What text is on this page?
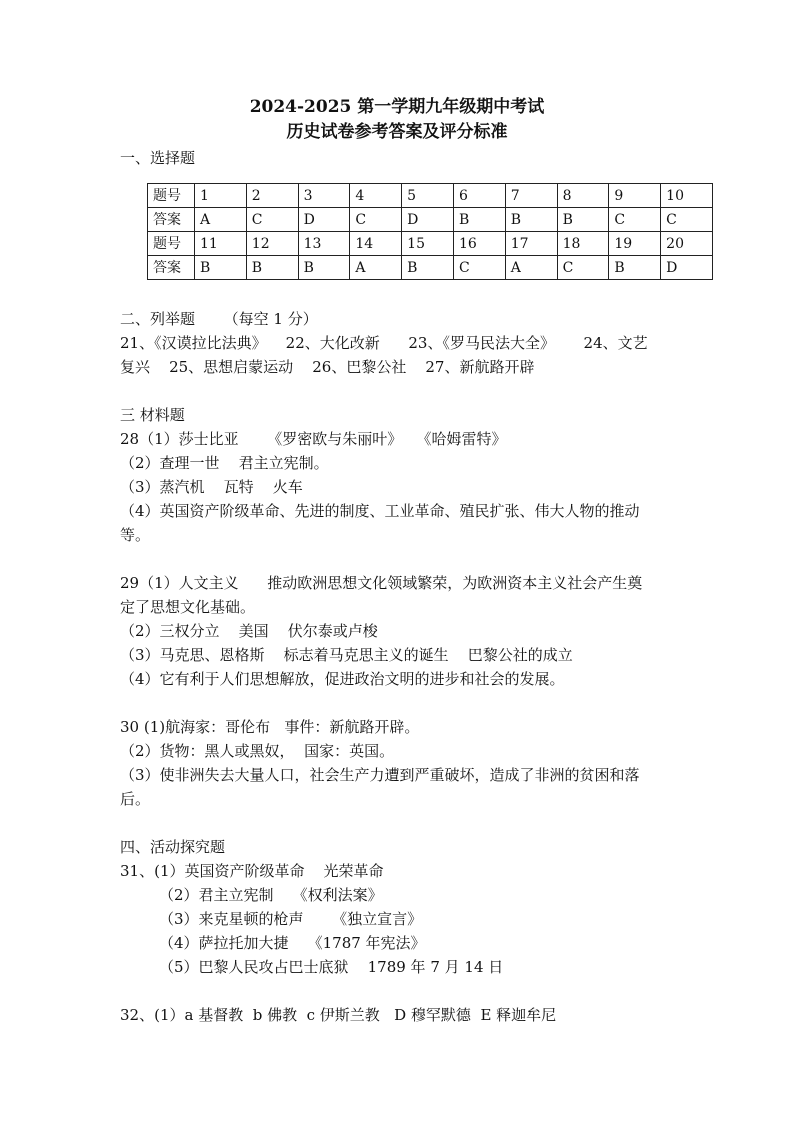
2024-2025 第一学期九年级期中考试
历史试卷参考答案及评分标准
一、选择题
题号	1	2	3	4	5	6	7	8	9	10
答案	A	C	D	C	D	B	B	B	C	C
题号	11	12	13	14	15	16	17	18	19	20
答案	B	B	B	A	B	C	A	C	B	D
二、列举题      （每空 1 分）
21、《汉谟拉比法典》    22、大化改新      23、《罗马民法大全》      24、文艺
复兴    25、思想启蒙运动    26、巴黎公社    27、新航路开辟
三 材料题
28（1）莎士比亚      《罗密欧与朱丽叶》   《哈姆雷特》
（2）查理一世    君主立宪制。
（3）蒸汽机    瓦特    火车
（4）英国资产阶级革命、先进的制度、工业革命、殖民扩张、伟大人物的推动
等。
29（1）人文主义      推动欧洲思想文化领域繁荣，为欧洲资本主义社会产生奠
定了思想文化基础。
（2）三权分立    美国    伏尔泰或卢梭
（3）马克思、恩格斯    标志着马克思主义的诞生    巴黎公社的成立
（4）它有利于人们思想解放，促进政治文明的进步和社会的发展。
30 (1)航海家：哥伦布   事件：新航路开辟。
（2）货物：黑人或黑奴，  国家：英国。
（3）使非洲失去大量人口，社会生产力遭到严重破坏，造成了非洲的贫困和落
后。
四、活动探究题
31、(1）英国资产阶级革命    光荣革命
（2）君主立宪制    《权利法案》
（3）来克星顿的枪声      《独立宣言》
（4）萨拉托加大捷    《1787 年宪法》
（5）巴黎人民攻占巴士底狱    1789 年 7 月 14 日
32、(1）a 基督教  b 佛教  c 伊斯兰教   D 穆罕默德  E 释迦牟尼
